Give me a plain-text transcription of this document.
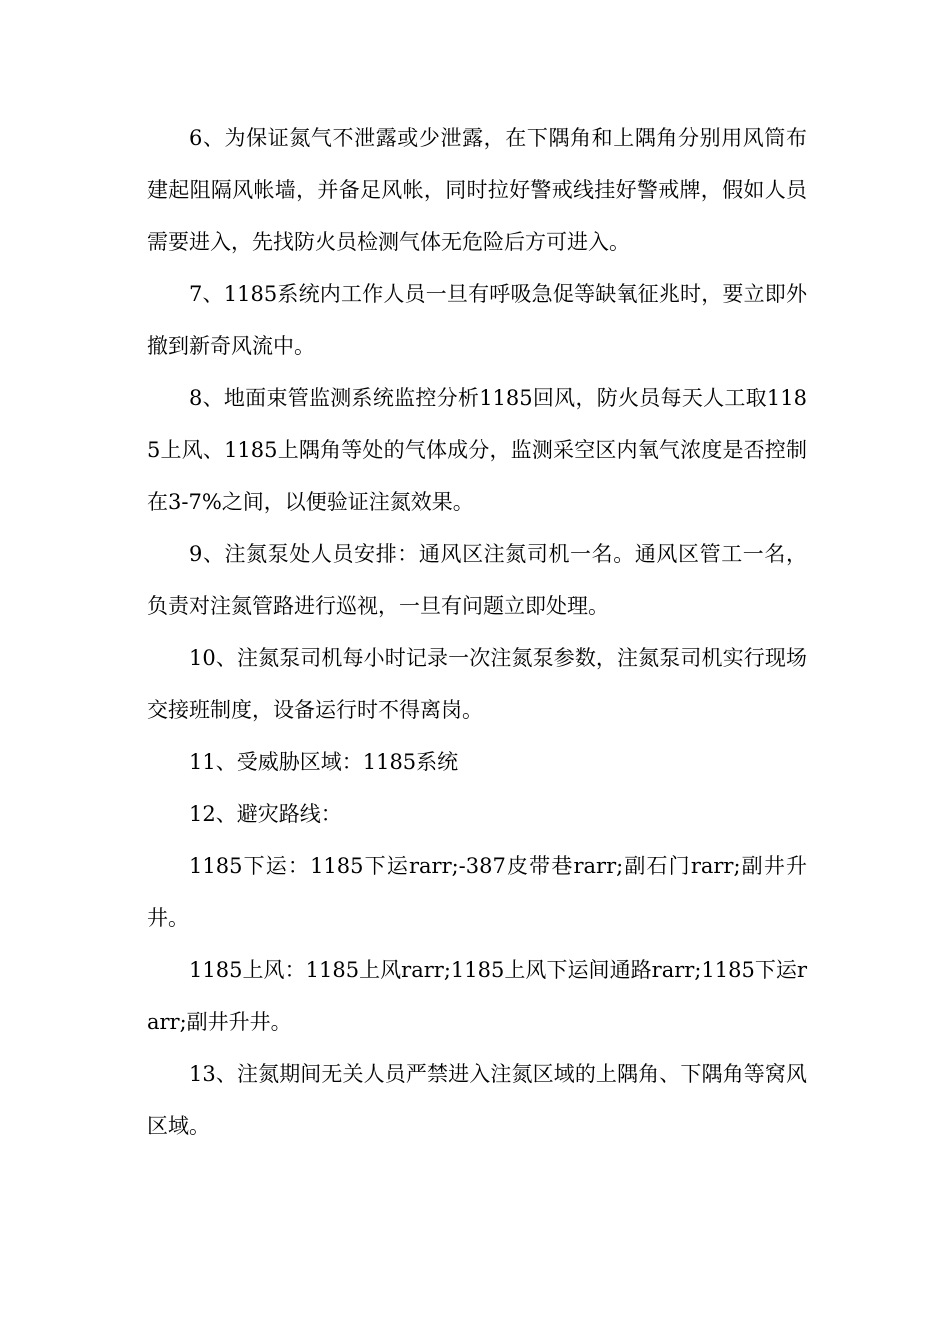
6、为保证氮气不泄露或少泄露，在下隅角和上隅角分别用风筒布建起阻隔风帐墙，并备足风帐，同时拉好警戒线挂好警戒牌，假如人员需要进入，先找防火员检测气体无危险后方可进入。

7、1185系统内工作人员一旦有呼吸急促等缺氧征兆时，要立即外撤到新奇风流中。

8、地面束管监测系统监控分析1185回风，防火员每天人工取1185上风、1185上隅角等处的气体成分，监测采空区内氧气浓度是否控制在3-7%之间，以便验证注氮效果。

9、注氮泵处人员安排：通风区注氮司机一名。通风区管工一名，负责对注氮管路进行巡视，一旦有问题立即处理。

10、注氮泵司机每小时记录一次注氮泵参数，注氮泵司机实行现场交接班制度，设备运行时不得离岗。

11、受威胁区域：1185系统

12、避灾路线：

1185下运：1185下运rarr;-387皮带巷rarr;副石门rarr;副井升井。

1185上风：1185上风rarr;1185上风下运间通路rarr;1185下运rarr;副井升井。

13、注氮期间无关人员严禁进入注氮区域的上隅角、下隅角等窝风区域。
